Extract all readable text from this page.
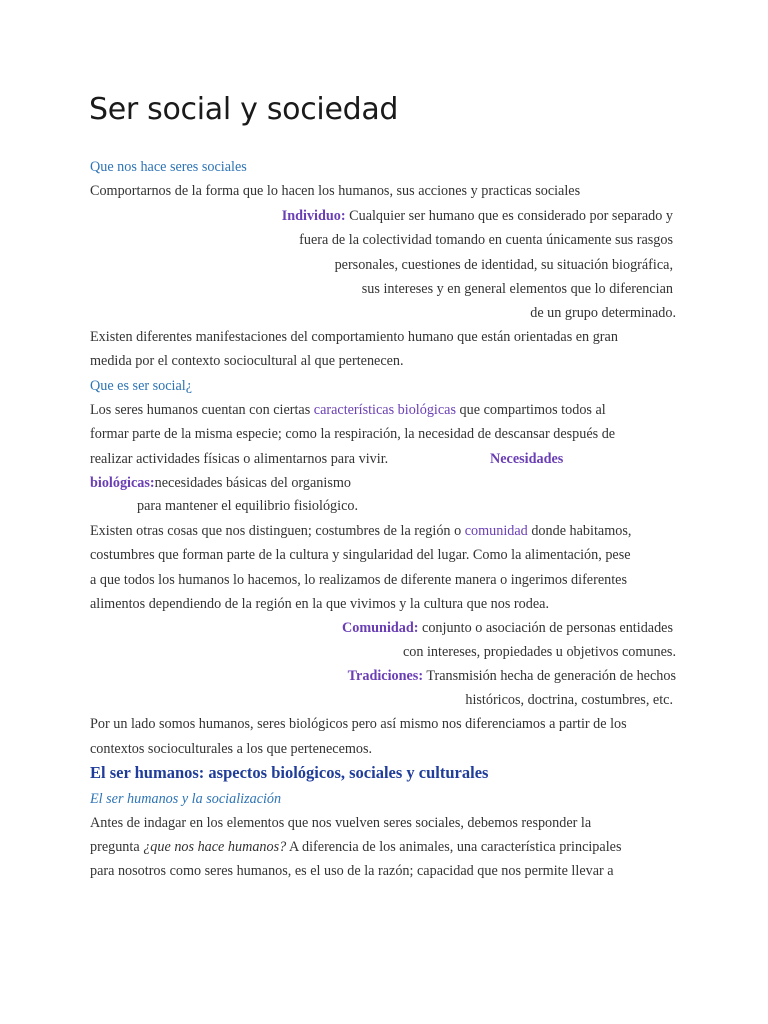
Ser social y sociedad
Que nos hace seres sociales
Comportarnos de la forma que lo hacen los humanos, sus acciones y practicas sociales
Individuo: Cualquier ser humano que es considerado por separado y
fuera de la colectividad tomando en cuenta únicamente sus rasgos
personales, cuestiones de identidad, su situación biográfica,
sus intereses y en general elementos que lo diferencian
de un grupo determinado.
Existen diferentes manifestaciones del comportamiento humano que están orientadas en gran
medida por el contexto sociocultural al que pertenecen.
Que es ser social¿
Los seres humanos cuentan con ciertas características biológicas que compartimos todos al
formar parte de la misma especie; como la respiración, la necesidad de descansar después de
realizar actividades físicas o alimentarnos para vivir.	Necesidades
biológicas:necesidades básicas del organismo
para mantener el equilibrio fisiológico.
Existen otras cosas que nos distinguen; costumbres de la región o comunidad donde habitamos,
costumbres que forman parte de la cultura y singularidad del lugar. Como la alimentación, pese
a que todos los humanos lo hacemos, lo realizamos de diferente manera o ingerimos diferentes
alimentos dependiendo de la región en la que vivimos y la cultura que nos rodea.
Comunidad: conjunto o asociación de personas entidades
con intereses, propiedades u objetivos comunes.
Tradiciones: Transmisión hecha de generación de hechos
históricos, doctrina, costumbres, etc.
Por un lado somos humanos, seres biológicos pero así mismo nos diferenciamos a partir de los
contextos socioculturales a los que pertenecemos.
El ser humanos: aspectos biológicos, sociales y culturales
El ser humanos y la socialización
Antes de indagar en los elementos que nos vuelven seres sociales, debemos responder la
pregunta ¿que nos hace humanos? A diferencia de los animales, una característica principales
para nosotros como seres humanos, es el uso de la razón; capacidad que nos permite llevar a
